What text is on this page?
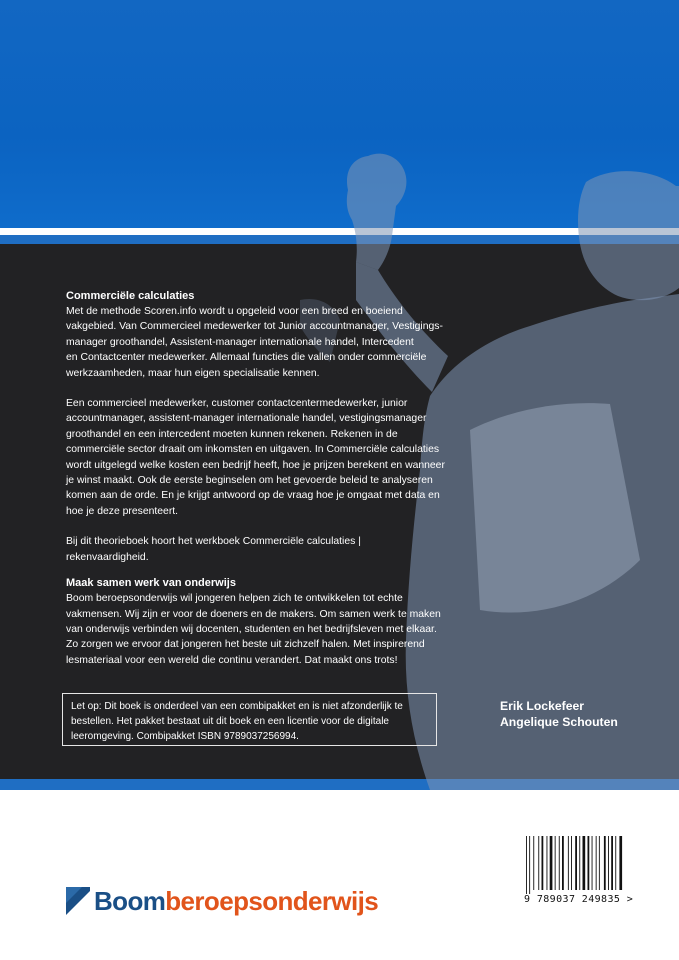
Commerciële calculaties

Met de methode Scoren.info wordt u opgeleid voor een breed en boeiend

vakgebied. Van Commercieel medewerker tot Junior accountmanager, Vestigings-

manager groothandel, Assistent-manager internationale handel, Intercedent

en Contactcenter medewerker. Allemaal functies die vallen onder commerciële

werkzaamheden, maar hun eigen specialisatie kennen.

Een commercieel medewerker, customer contactcentermedewerker, junior

accountmanager, assistent-manager internationale handel, vestigingsmanager

groothandel en een intercedent moeten kunnen rekenen. Rekenen in de

commerciële sector draait om inkomsten en uitgaven. In Commerciële calculaties

wordt uitgelegd welke kosten een bedrijf heeft, hoe je prijzen berekent en wanneer

je winst maakt. Ook de eerste beginselen om het gevoerde beleid te analyseren

komen aan de orde. En je krijgt antwoord op de vraag hoe je omgaat met data en

hoe je deze presenteert.

Bij dit theorieboek hoort het werkboek Commerciële calculaties |

rekenvaardigheid.

Maak samen werk van onderwijs

Boom beroepsonderwijs wil jongeren helpen zich te ontwikkelen tot echte

vakmensen. Wij zijn er voor de doeners en de makers. Om samen werk te maken

van onderwijs verbinden wij docenten, studenten en het bedrijfsleven met elkaar.

Zo zorgen we ervoor dat jongeren het beste uit zichzelf halen. Met inspirerend

lesmateriaal voor een wereld die continu verandert. Dat maakt ons trots!

Let op: Dit boek is onderdeel van een combipakket en is niet afzonderlijk te
bestellen. Het pakket bestaat uit dit boek en een licentie voor de digitale
leeromgeving. Combipakket ISBN 9789037256994.
Erik Lockefeer
Angelique Schouten
Boomberoepsonderwijs	9 789037 249835 >
